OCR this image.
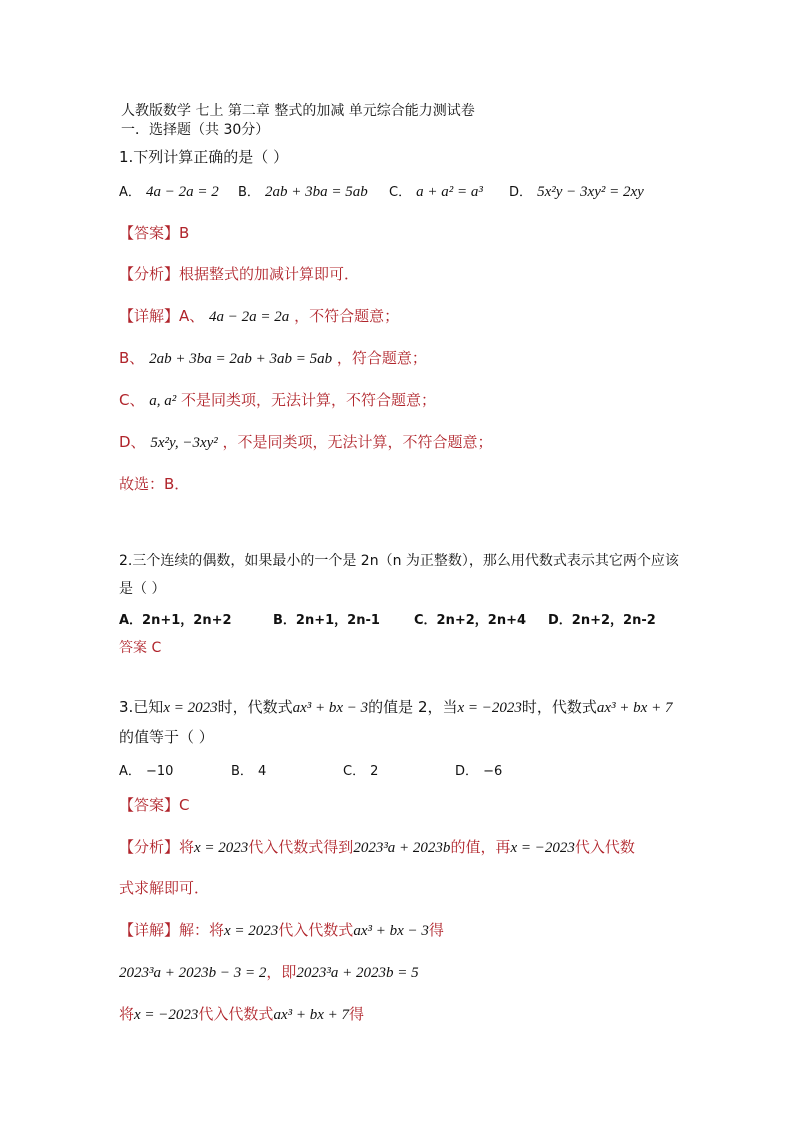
人教版数学 七上 第二章 整式的加减 单元综合能力测试卷
一．选择题（共 30分）
1.下列计算正确的是（ ）
A． 4a − 2a = 2 B． 2ab + 3ba = 5ab C． a + a² = a³ D． 5x²y − 3xy² = 2xy
【答案】B
【分析】根据整式的加减计算即可．
【详解】A、 4a − 2a = 2a ，不符合题意；
B、 2ab + 3ba = 2ab + 3ab = 5ab ，符合题意；
C、 a, a² 不是同类项，无法计算，不符合题意；
D、 5x²y, −3xy² ，不是同类项，无法计算，不符合题意；
故选：B．
2.三个连续的偶数，如果最小的一个是 2n（n 为正整数），那么用代数式表示其它两个应该
是（ ）
A．2n+1，2n+2	B．2n+1，2n-1	C．2n+2，2n+4 D．2n+2，2n-2
答案 C
3.已知x = 2023时，代数式ax³ + bx − 3的值是 2，当x = −2023时，代数式ax³ + bx + 7
的值等于（ ）
A． −10	B． 4	C． 2	D． −6
【答案】C
【分析】将x = 2023代入代数式得到2023³a + 2023b的值，再x = −2023代入代数
式求解即可．
【详解】解：将x = 2023代入代数式ax³ + bx − 3得
2023³a + 2023b − 3 = 2，即2023³a + 2023b = 5
将x = −2023代入代数式ax³ + bx + 7得
